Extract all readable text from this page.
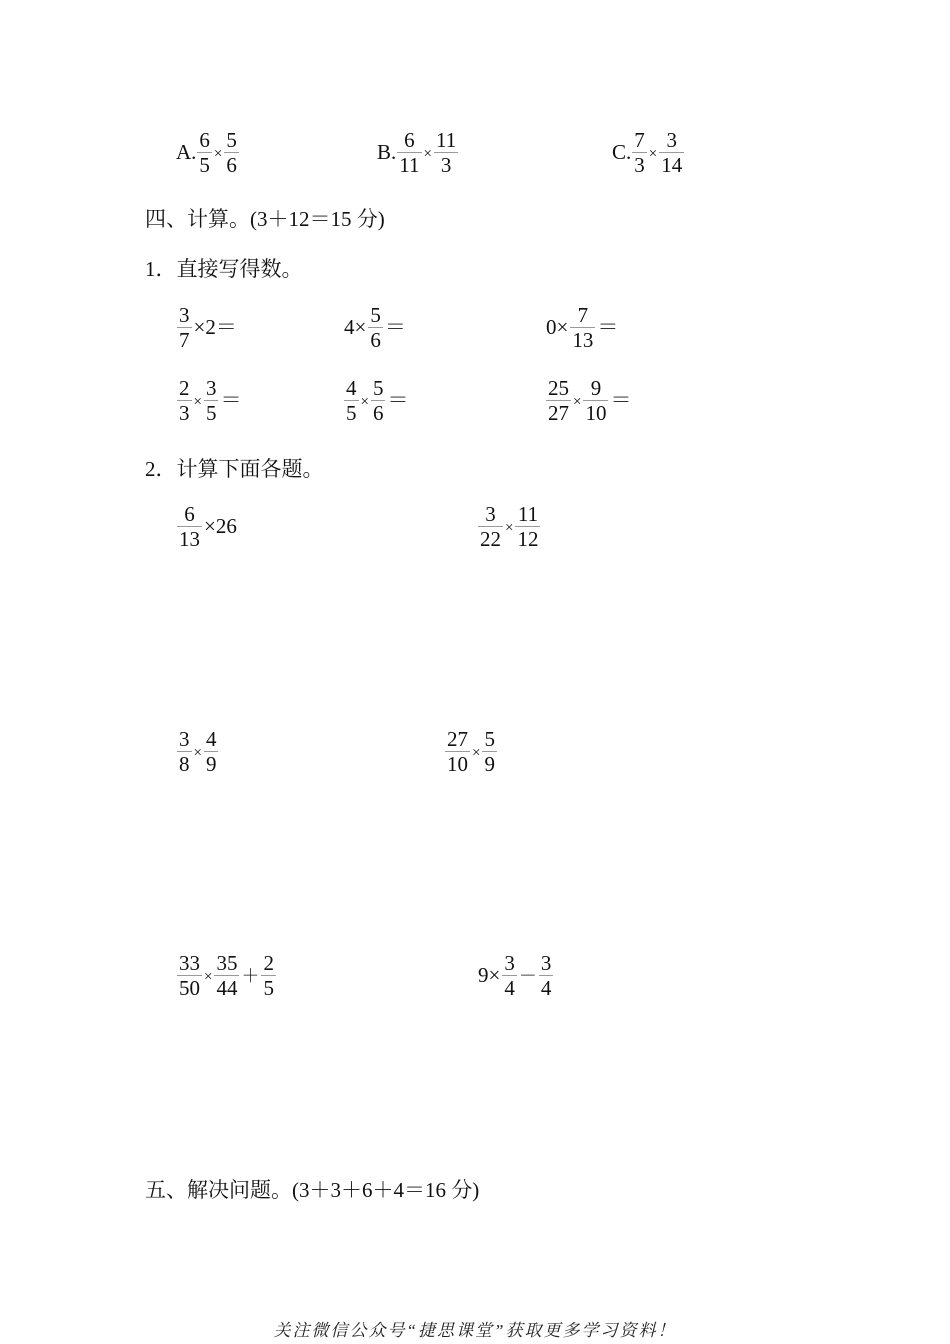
A. $\frac{6}{5} \times \frac{5}{6}$	B. $\frac{6}{11} \times \frac{11}{3}$	C. $\frac{7}{3} \times \frac{3}{14}$
四、计算。(3＋12＝15 分)
1．直接写得数。
$\frac{3}{7} \times 2=$	$4\times \frac{5}{6}$ ＝	$0\times \frac{7}{13}$ ＝
$\frac{2}{3} \times \frac{3}{5}$ ＝	$\frac{4}{5} \times \frac{5}{6}$ ＝	$\frac{25}{27} \times \frac{9}{10}$ ＝
2．计算下面各题。
$\frac{6}{13} \times 26$	$\frac{3}{22} \times \frac{11}{12}$
$\frac{3}{8} \times \frac{4}{9}$	$\frac{27}{10} \times \frac{5}{9}$
$\frac{33}{50} \times \frac{35}{44} + \frac{2}{5}$	$9\times \frac{3}{4} - \frac{3}{4}$
五、解决问题。(3＋3＋6＋4＝16 分)
关注微信公众号“捷思课堂”获取更多学习资料！
